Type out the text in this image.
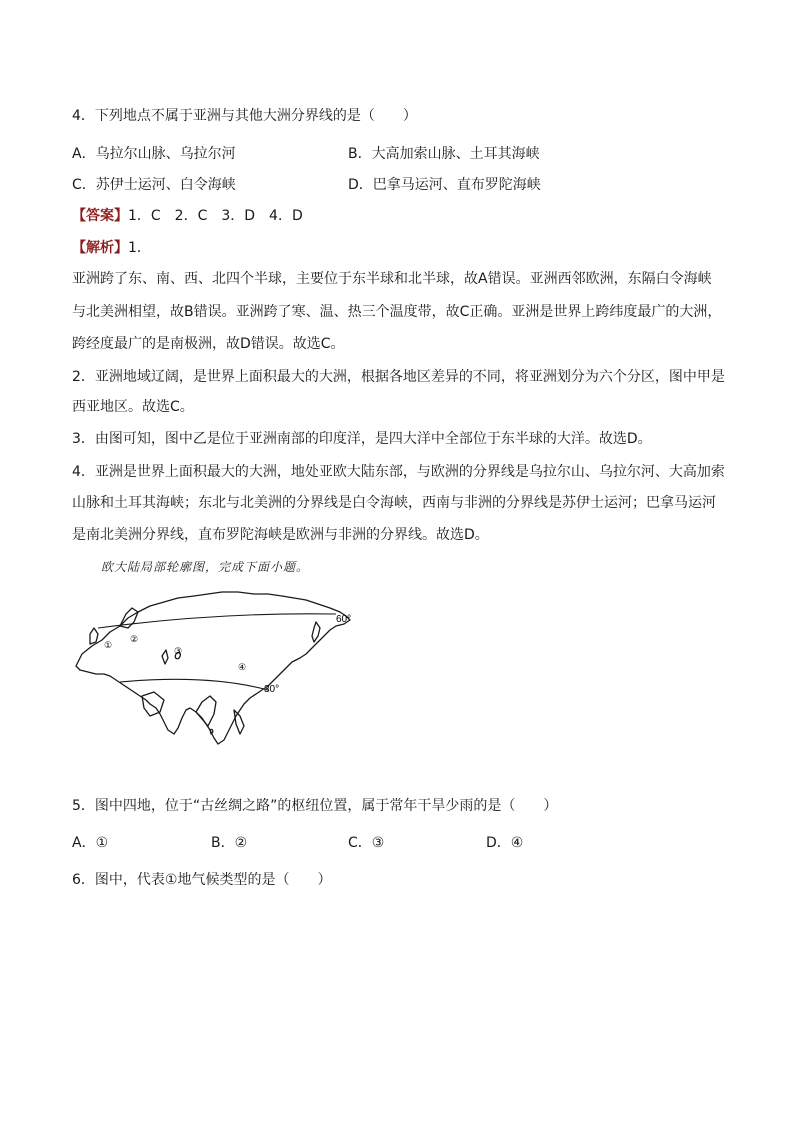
4．下列地点不属于亚洲与其他大洲分界线的是（　　）
A．乌拉尔山脉、乌拉尔河	B．大高加索山脉、土耳其海峡
C．苏伊士运河、白令海峡	D．巴拿马运河、直布罗陀海峡
【答案】1．C　2．C　3．D　4．D
【解析】1．
亚洲跨了东、南、西、北四个半球，主要位于东半球和北半球，故A错误。亚洲西邻欧洲，东隔白令海峡
与北美洲相望，故B错误。亚洲跨了寒、温、热三个温度带，故C正确。亚洲是世界上跨纬度最广的大洲，
跨经度最广的是南极洲，故D错误。故选C。
2．亚洲地域辽阔，是世界上面积最大的大洲，根据各地区差异的不同，将亚洲划分为六个分区，图中甲是
西亚地区。故选C。
3．由图可知，图中乙是位于亚洲南部的印度洋，是四大洋中全部位于东半球的大洋。故选D。
4．亚洲是世界上面积最大的大洲，地处亚欧大陆东部，与欧洲的分界线是乌拉尔山、乌拉尔河、大高加索
山脉和土耳其海峡；东北与北美洲的分界线是白令海峡，西南与非洲的分界线是苏伊士运河；巴拿马运河
是南北美洲分界线，直布罗陀海峡是欧洲与非洲的分界线。故选D。
欧大陆局部轮廓图，完成下面小题。
60°
30°
①
②
③
④
5．图中四地，位于“古丝绸之路”的枢纽位置，属于常年干旱少雨的是（　　）
A．①	B．②	C．③	D．④
6．图中，代表①地气候类型的是（　　）
